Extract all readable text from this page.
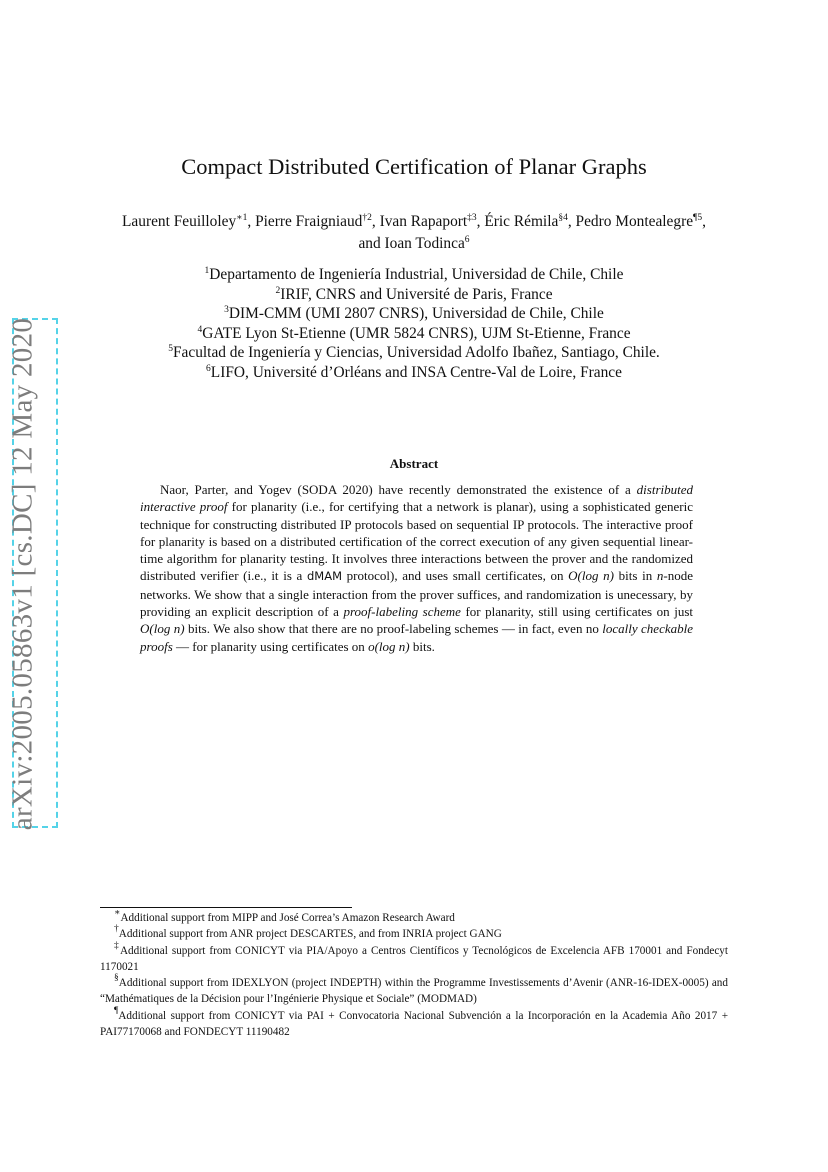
arXiv:2005.05863v1 [cs.DC] 12 May 2020
Compact Distributed Certification of Planar Graphs
Laurent Feuilloley$^{∗1}$, Pierre Fraigniaud$^{\dagger 2}$, Ivan Rapaport$^{\ddagger 3}$, Éric Rémila$^{\S 4}$, Pedro Montealegre$^{\P 5}$, and Ioan Todinca$^6$
$^1$Departamento de Ingeniería Industrial, Universidad de Chile, Chile
$^2$IRIF, CNRS and Université de Paris, France
$^3$DIM-CMM (UMI 2807 CNRS), Universidad de Chile, Chile
$^4$GATE Lyon St-Etienne (UMR 5824 CNRS), UJM St-Etienne, France
$^5$Facultad de Ingeniería y Ciencias, Universidad Adolfo Ibañez, Santiago, Chile.
$^6$LIFO, Université d’Orléans and INSA Centre-Val de Loire, France
Abstract

Naor, Parter, and Yogev (SODA 2020) have recently demonstrated the existence of a distributed interactive proof for planarity (i.e., for certifying that a network is planar), using a sophisticated generic technique for constructing distributed IP protocols based on sequential IP protocols. The interactive proof for planarity is based on a distributed certification of the correct execution of any given sequential linear-time algorithm for planarity testing. It involves three interactions between the prover and the randomized distributed verifier (i.e., it is a dMAM protocol), and uses small certificates, on O(log n) bits in n-node networks. We show that a single interaction from the prover suffices, and randomization is unecessary, by providing an explicit description of a proof-labeling scheme for planarity, still using certificates on just O(log n) bits. We also show that there are no proof-labeling schemes — in fact, even no locally checkable proofs — for planarity using certificates on o(log n) bits.

∗Additional support from MIPP and José Correa’s Amazon Research Award

†Additional support from ANR project DESCARTES, and from INRIA project GANG

‡Additional support from CONICYT via PIA/Apoyo a Centros Científicos y Tecnológicos de Excelencia AFB 170001 and Fondecyt 1170021

§Additional support from IDEXLYON (project INDEPTH) within the Programme Investissements d’Avenir (ANR-16-IDEX-0005) and “Mathématiques de la Décision pour l’Ingénierie Physique et Sociale” (MODMAD)

¶Additional support from CONICYT via PAI + Convocatoria Nacional Subvención a la Incorporación en la Academia Año 2017 + PAI77170068 and FONDECYT 11190482
